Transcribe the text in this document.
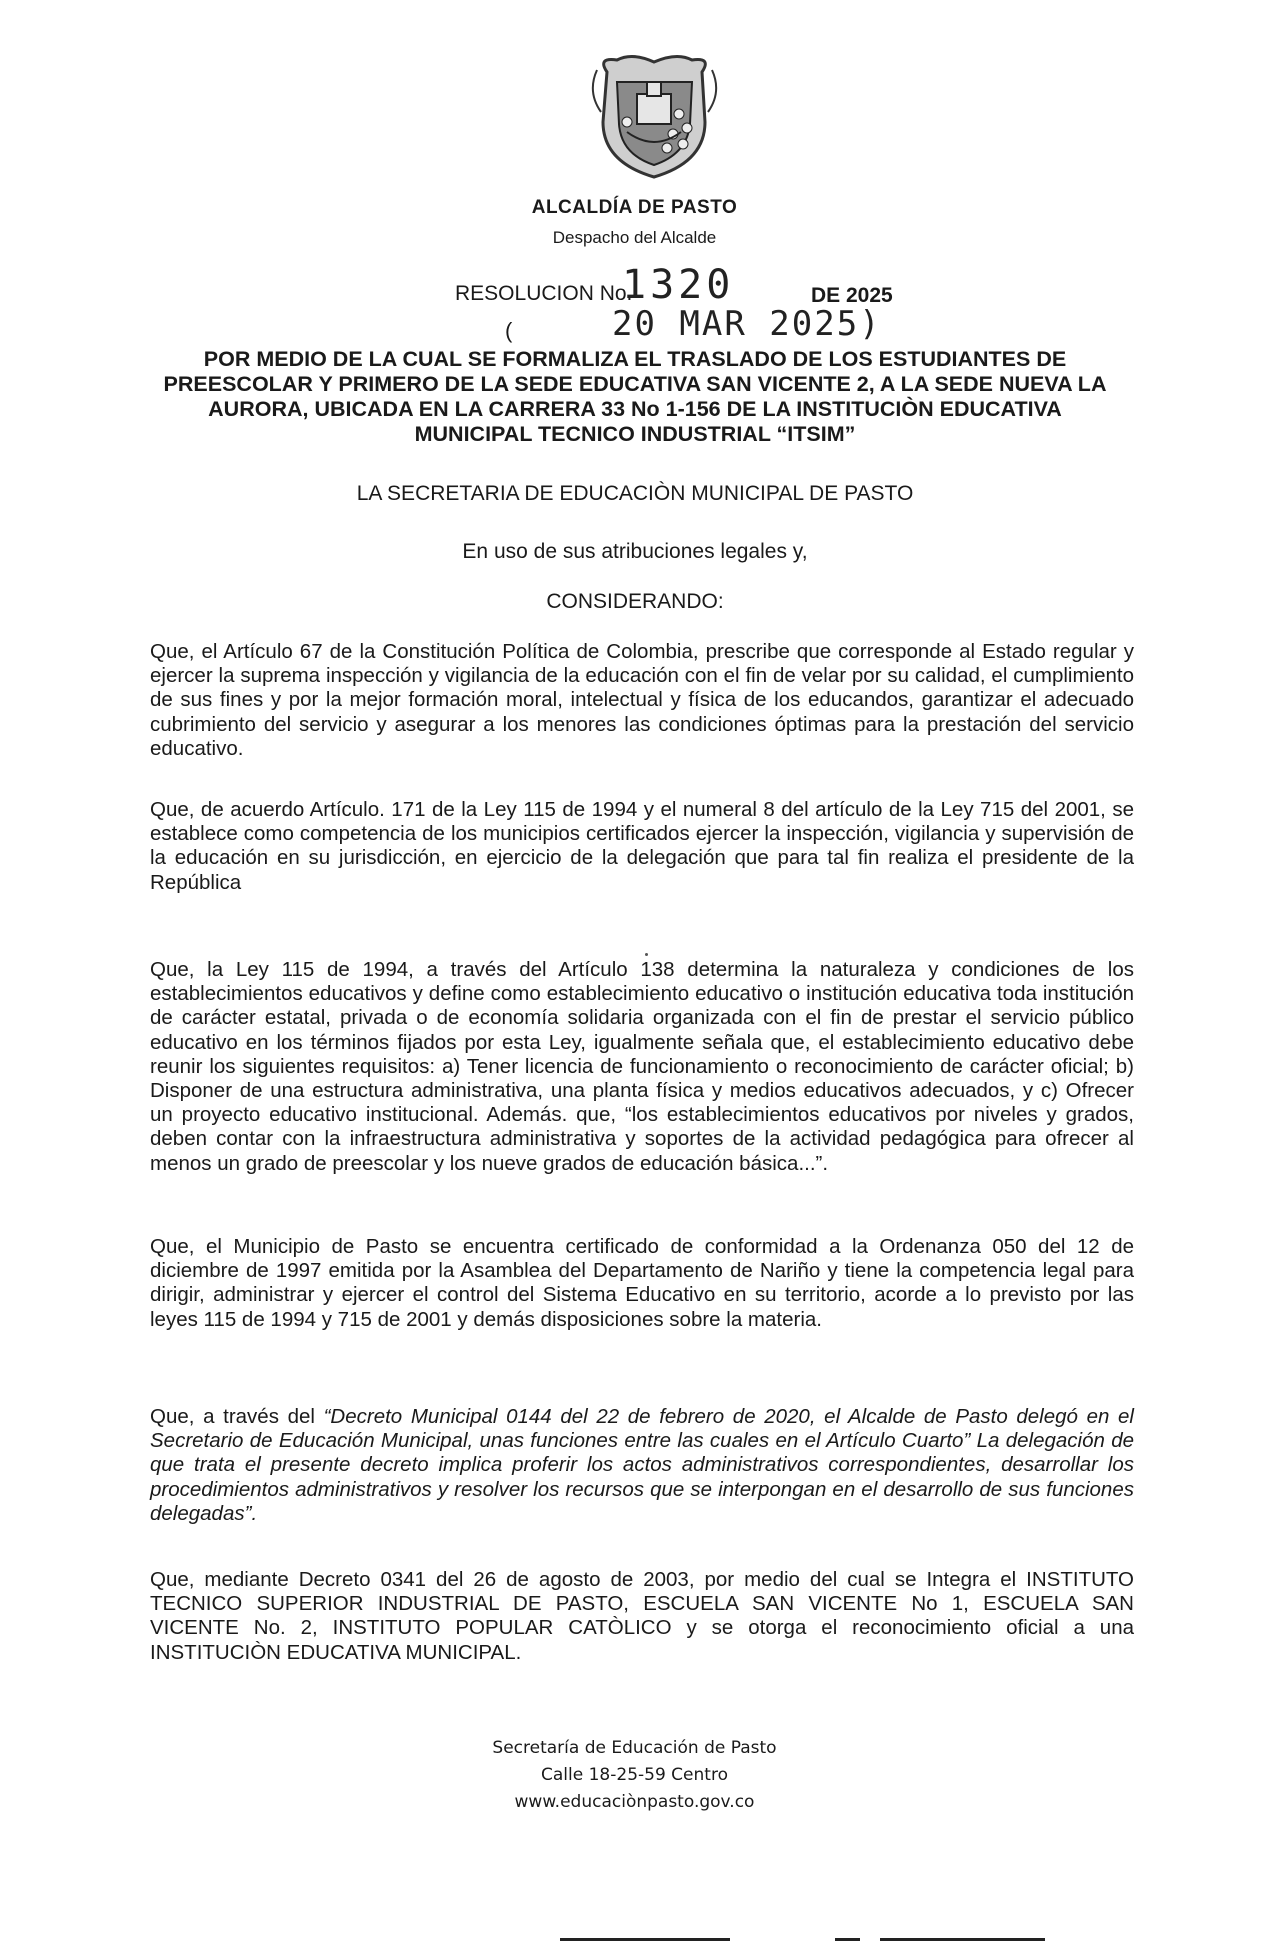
ALCALDÍA DE PASTO
Despacho del Alcalde
RESOLUCION No.
1320	DE 2025
(	20 MAR 2025)
POR MEDIO DE LA CUAL SE FORMALIZA EL TRASLADO DE LOS ESTUDIANTES DE PREESCOLAR Y PRIMERO DE LA SEDE EDUCATIVA SAN VICENTE 2, A LA SEDE NUEVA LA AURORA, UBICADA EN LA CARRERA 33 No 1-156 DE LA INSTITUCIÒN EDUCATIVA MUNICIPAL TECNICO INDUSTRIAL “ITSIM”
LA SECRETARIA DE EDUCACIÒN MUNICIPAL DE PASTO
En uso de sus atribuciones legales y,
CONSIDERANDO:

Que, el Artículo 67 de la Constitución Política de Colombia, prescribe que corresponde al Estado regular y ejercer la suprema inspección y vigilancia de la educación con el fin de velar por su calidad, el cumplimiento de sus fines y por la mejor formación moral, intelectual y física de los educandos, garantizar el adecuado cubrimiento del servicio y asegurar a los menores las condiciones óptimas para la prestación del servicio educativo.

Que, de acuerdo Artículo. 171 de la Ley 115 de 1994 y el numeral 8 del artículo de la Ley 715 del 2001, se establece como competencia de los municipios certificados ejercer la inspección, vigilancia y supervisión de la educación en su jurisdicción, en ejercicio de la delegación que para tal fin realiza el presidente de la República

Que, la Ley 115 de 1994, a través del Artículo 138 determina la naturaleza y condiciones de los establecimientos educativos y define como establecimiento educativo o institución educativa toda institución de carácter estatal, privada o de economía solidaria organizada con el fin de prestar el servicio público educativo en los términos fijados por esta Ley, igualmente señala que, el establecimiento educativo debe reunir los siguientes requisitos: a) Tener licencia de funcionamiento o reconocimiento de carácter oficial; b) Disponer de una estructura administrativa, una planta física y medios educativos adecuados, y c) Ofrecer un proyecto educativo institucional. Además. que, “los establecimientos educativos por niveles y grados, deben contar con la infraestructura administrativa y soportes de la actividad pedagógica para ofrecer al menos un grado de preescolar y los nueve grados de educación básica...”.

Que, el Municipio de Pasto se encuentra certificado de conformidad a la Ordenanza 050 del 12 de diciembre de 1997 emitida por la Asamblea del Departamento de Nariño y tiene la competencia legal para dirigir, administrar y ejercer el control del Sistema Educativo en su territorio, acorde a lo previsto por las leyes 115 de 1994 y 715 de 2001 y demás disposiciones sobre la materia.

Que, a través del “Decreto Municipal 0144 del 22 de febrero de 2020, el Alcalde de Pasto delegó en el Secretario de Educación Municipal, unas funciones entre las cuales en el Artículo Cuarto” La delegación de que trata el presente decreto implica proferir los actos administrativos correspondientes, desarrollar los procedimientos administrativos y resolver los recursos que se interpongan en el desarrollo de sus funciones delegadas”.

Que, mediante Decreto 0341 del 26 de agosto de 2003, por medio del cual se Integra el INSTITUTO TECNICO SUPERIOR INDUSTRIAL DE PASTO, ESCUELA SAN VICENTE No 1, ESCUELA SAN VICENTE No. 2, INSTITUTO POPULAR CATÒLICO y se otorga el reconocimiento oficial a una INSTITUCIÒN EDUCATIVA MUNICIPAL.

Secretaría de Educación de Pasto
Calle 18-25-59 Centro
www.educaciònpasto.gov.co
